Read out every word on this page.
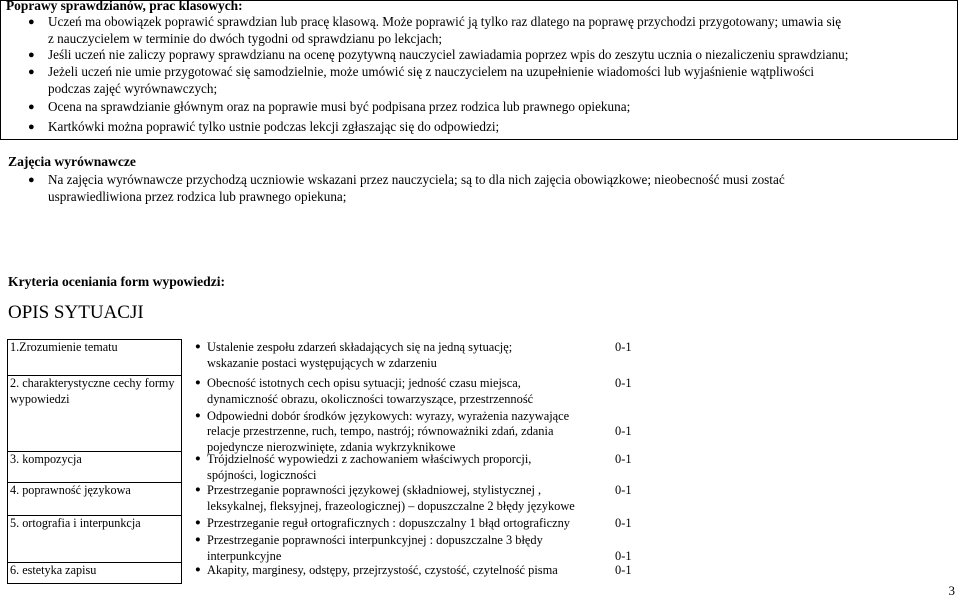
Poprawy sprawdzianów, prac klasowych:
● Uczeń ma obowiązek poprawić sprawdzian lub pracę klasową. Może poprawić ją tylko raz dlatego na poprawę przychodzi przygotowany; umawia się
z nauczycielem w terminie do dwóch tygodni od sprawdzianu po lekcjach;
● Jeśli uczeń nie zaliczy poprawy sprawdzianu na ocenę pozytywną nauczyciel zawiadamia poprzez wpis do zeszytu ucznia o niezaliczeniu sprawdzianu;
● Jeżeli uczeń nie umie przygotować się samodzielnie, może umówić się z nauczycielem na uzupełnienie wiadomości lub wyjaśnienie wątpliwości
podczas zajęć wyrównawczych;
● Ocena na sprawdzianie głównym oraz na poprawie musi być podpisana przez rodzica lub prawnego opiekuna;
● Kartkówki można poprawić tylko ustnie podczas lekcji zgłaszając się do odpowiedzi;
Zajęcia wyrównawcze
● Na zajęcia wyrównawcze przychodzą uczniowie wskazani przez nauczyciela; są to dla nich zajęcia obowiązkowe; nieobecność musi zostać
usprawiedliwiona przez rodzica lub prawnego opiekuna;
Kryteria oceniania form wypowiedzi:
OPIS SYTUACJI
1.Zrozumienie tematu	● Ustalenie zespołu zdarzeń składających się na jedną sytuację;
wskazanie postaci występujących w zdarzeniu
0-1
2. charakterystyczne cechy formy wypowiedzi
● Obecność istotnych cech opisu sytuacji; jedność czasu miejsca,
dynamiczność obrazu, okoliczności towarzyszące, przestrzenność
0-1
● Odpowiedni dobór środków językowych: wyrazy, wyrażenia nazywające
relacje przestrzenne, ruch, tempo, nastrój; równoważniki zdań, zdania
pojedyncze nierozwinięte, zdania wykrzyknikowe
0-1
3. kompozycja	● Trójdzielność wypowiedzi z zachowaniem właściwych proporcji,
spójności, logiczności
0-1
4. poprawność językowa	● Przestrzeganie poprawności językowej (składniowej, stylistycznej ,
leksykalnej, fleksyjnej, frazeologicznej) – dopuszczalne 2 błędy językowe
0-1
5. ortografia i interpunkcja	● Przestrzeganie reguł ortograficznych : dopuszczalny 1 błąd ortograficzny	0-1
● Przestrzeganie poprawności interpunkcyjnej : dopuszczalne 3 błędy
interpunkcyjne	0-1
6. estetyka zapisu	● Akapity, marginesy, odstępy, przejrzystość, czystość, czytelność pisma	0-1
3
